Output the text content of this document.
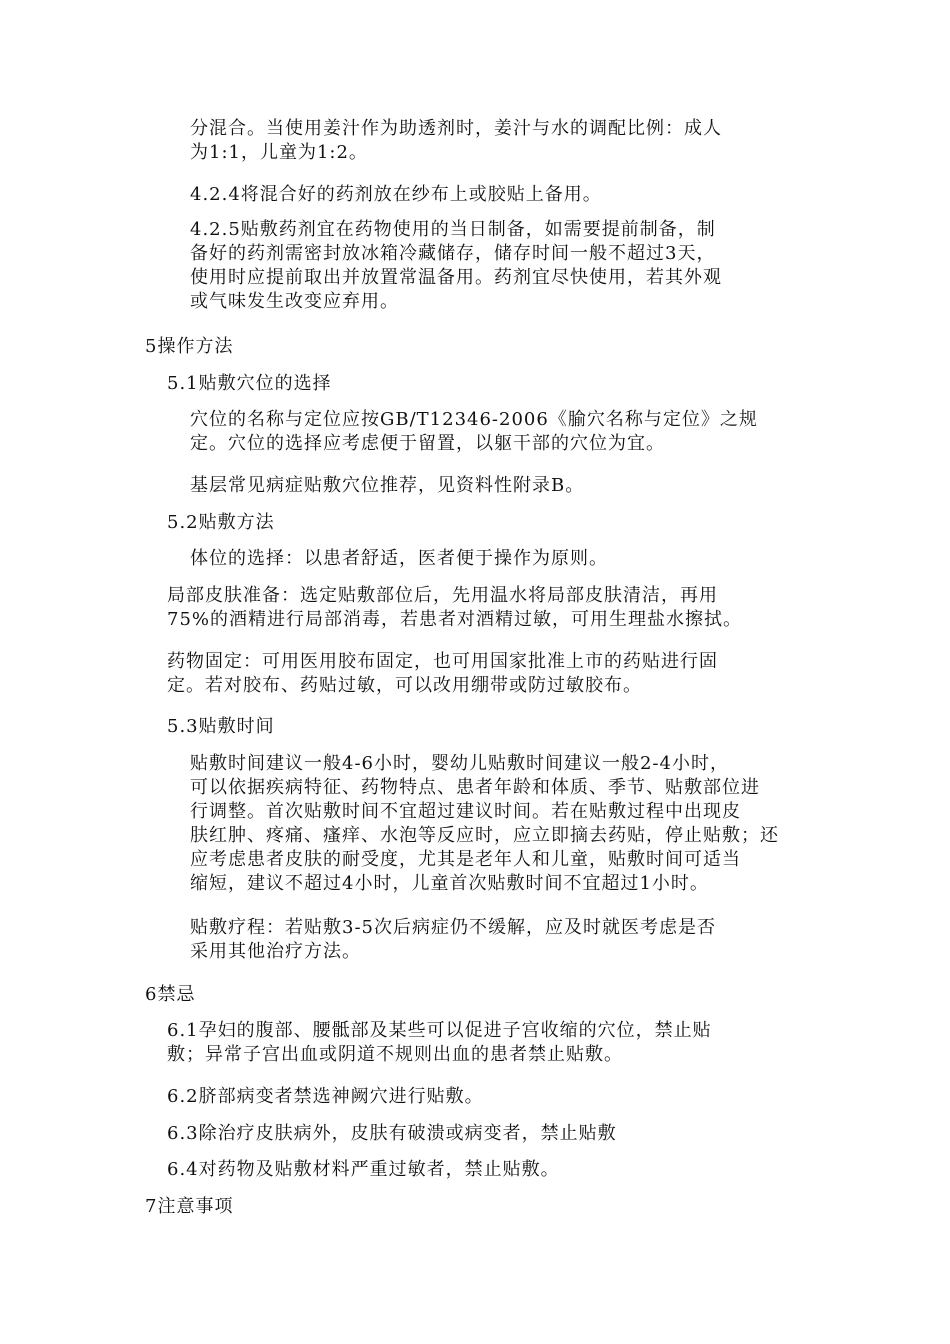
分混合。当使用姜汁作为助透剂时，姜汁与水的调配比例：成人
为1:1，儿童为1:2。

4.2.4将混合好的药剂放在纱布上或胶贴上备用。

4.2.5贴敷药剂宜在药物使用的当日制备，如需要提前制备，制
备好的药剂需密封放冰箱冷藏储存，储存时间一般不超过3天，
使用时应提前取出并放置常温备用。药剂宜尽快使用，若其外观
或气味发生改变应弃用。

5操作方法

5.1贴敷穴位的选择

穴位的名称与定位应按GB/T12346-2006《腧穴名称与定位》之规
定。穴位的选择应考虑便于留置，以躯干部的穴位为宜。

基层常见病症贴敷穴位推荐，见资料性附录B。

5.2贴敷方法

体位的选择：以患者舒适，医者便于操作为原则。

局部皮肤准备：选定贴敷部位后，先用温水将局部皮肤清洁，再用
75%的酒精进行局部消毒，若患者对酒精过敏，可用生理盐水擦拭。

药物固定：可用医用胶布固定，也可用国家批准上市的药贴进行固
定。若对胶布、药贴过敏，可以改用绷带或防过敏胶布。

5.3贴敷时间

贴敷时间建议一般4-6小时，婴幼儿贴敷时间建议一般2-4小时，
可以依据疾病特征、药物特点、患者年龄和体质、季节、贴敷部位进
行调整。首次贴敷时间不宜超过建议时间。若在贴敷过程中出现皮
肤红肿、疼痛、瘙痒、水泡等反应时，应立即摘去药贴，停止贴敷；还
应考虑患者皮肤的耐受度，尤其是老年人和儿童，贴敷时间可适当
缩短，建议不超过4小时，儿童首次贴敷时间不宜超过1小时。

贴敷疗程：若贴敷3-5次后病症仍不缓解，应及时就医考虑是否
采用其他治疗方法。

6禁忌

6.1孕妇的腹部、腰骶部及某些可以促进子宫收缩的穴位，禁止贴
敷；异常子宫出血或阴道不规则出血的患者禁止贴敷。

6.2脐部病变者禁选神阙穴进行贴敷。

6.3除治疗皮肤病外，皮肤有破溃或病变者，禁止贴敷

6.4对药物及贴敷材料严重过敏者，禁止贴敷。

7注意事项
